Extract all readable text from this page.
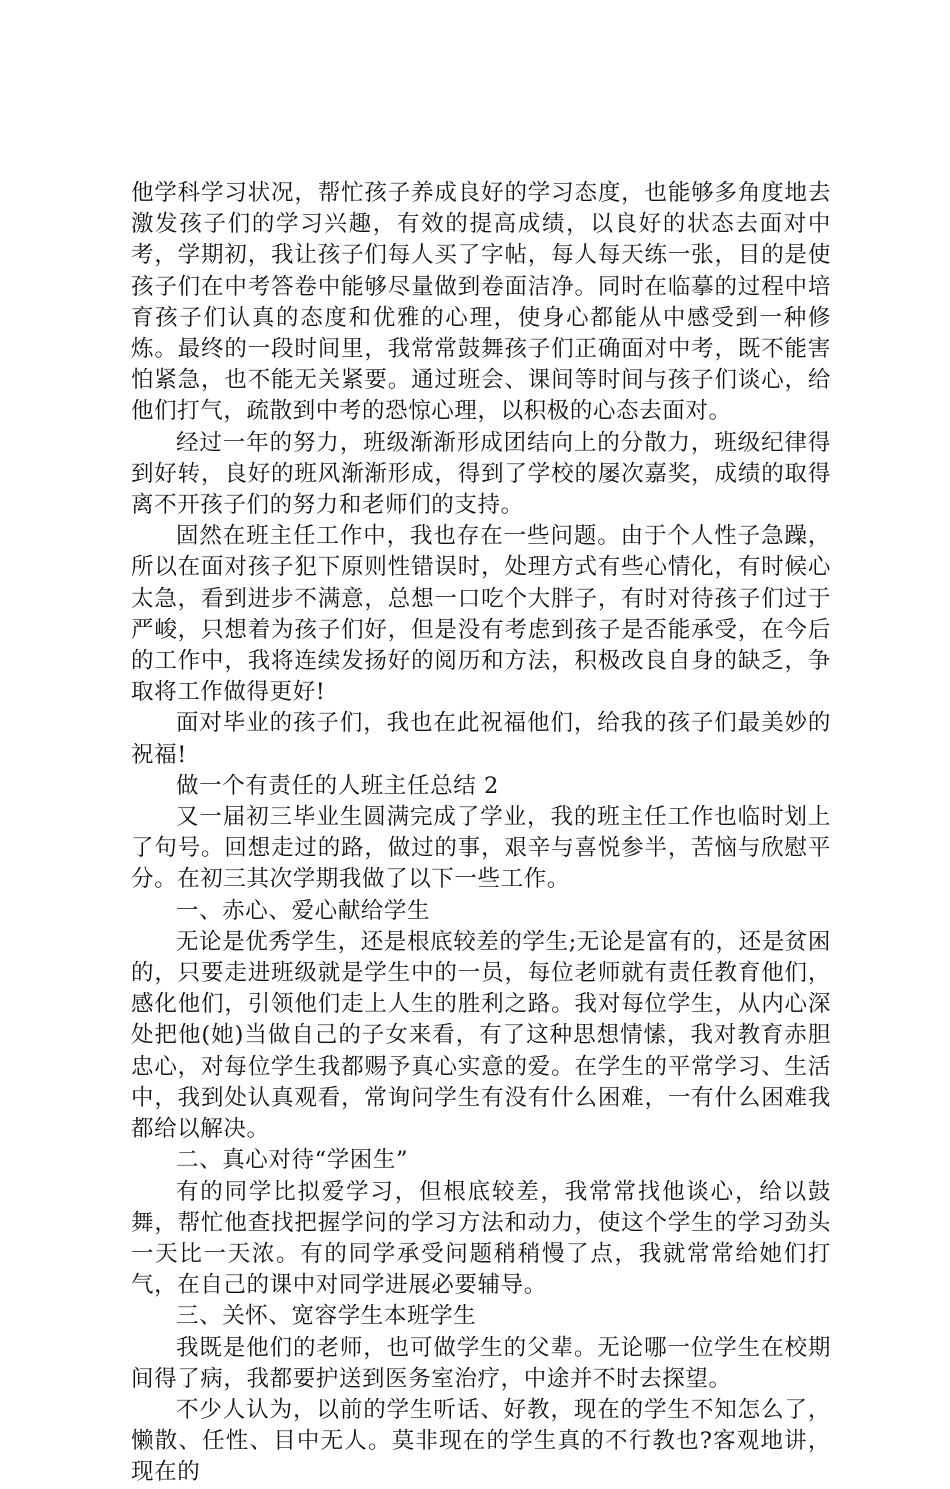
他学科学习状况，帮忙孩子养成良好的学习态度，也能够多角度地去激发孩子们的学习兴趣，有效的提高成绩，以良好的状态去面对中考，学期初，我让孩子们每人买了字帖，每人每天练一张，目的是使孩子们在中考答卷中能够尽量做到卷面洁净。同时在临摹的过程中培育孩子们认真的态度和优雅的心理，使身心都能从中感受到一种修炼。最终的一段时间里，我常常鼓舞孩子们正确面对中考，既不能害怕紧急，也不能无关紧要。通过班会、课间等时间与孩子们谈心，给他们打气，疏散到中考的恐惊心理，以积极的心态去面对。

经过一年的努力，班级渐渐形成团结向上的分散力，班级纪律得到好转，良好的班风渐渐形成，得到了学校的屡次嘉奖，成绩的取得离不开孩子们的努力和老师们的支持。

固然在班主任工作中，我也存在一些问题。由于个人性子急躁，所以在面对孩子犯下原则性错误时，处理方式有些心情化，有时候心太急，看到进步不满意，总想一口吃个大胖子，有时对待孩子们过于严峻，只想着为孩子们好，但是没有考虑到孩子是否能承受，在今后的工作中，我将连续发扬好的阅历和方法，积极改良自身的缺乏，争取将工作做得更好!

面对毕业的孩子们，我也在此祝福他们，给我的孩子们最美妙的祝福!

做一个有责任的人班主任总结 2

又一届初三毕业生圆满完成了学业，我的班主任工作也临时划上了句号。回想走过的路，做过的事，艰辛与喜悦参半，苦恼与欣慰平分。在初三其次学期我做了以下一些工作。

一、赤心、爱心献给学生

无论是优秀学生，还是根底较差的学生;无论是富有的，还是贫困的，只要走进班级就是学生中的一员，每位老师就有责任教育他们，感化他们，引领他们走上人生的胜利之路。我对每位学生，从内心深处把他(她)当做自己的子女来看，有了这种思想情愫，我对教育赤胆忠心，对每位学生我都赐予真心实意的爱。在学生的平常学习、生活中，我到处认真观看，常询问学生有没有什么困难，一有什么困难我都给以解决。

二、真心对待“学困生”

有的同学比拟爱学习，但根底较差，我常常找他谈心，给以鼓舞，帮忙他查找把握学问的学习方法和动力，使这个学生的学习劲头一天比一天浓。有的同学承受问题稍稍慢了点，我就常常给她们打气，在自己的课中对同学进展必要辅导。

三、关怀、宽容学生本班学生

我既是他们的老师，也可做学生的父辈。无论哪一位学生在校期间得了病，我都要护送到医务室治疗，中途并不时去探望。

不少人认为，以前的学生听话、好教，现在的学生不知怎么了，懒散、任性、目中无人。莫非现在的学生真的不行教也?客观地讲，现在的
